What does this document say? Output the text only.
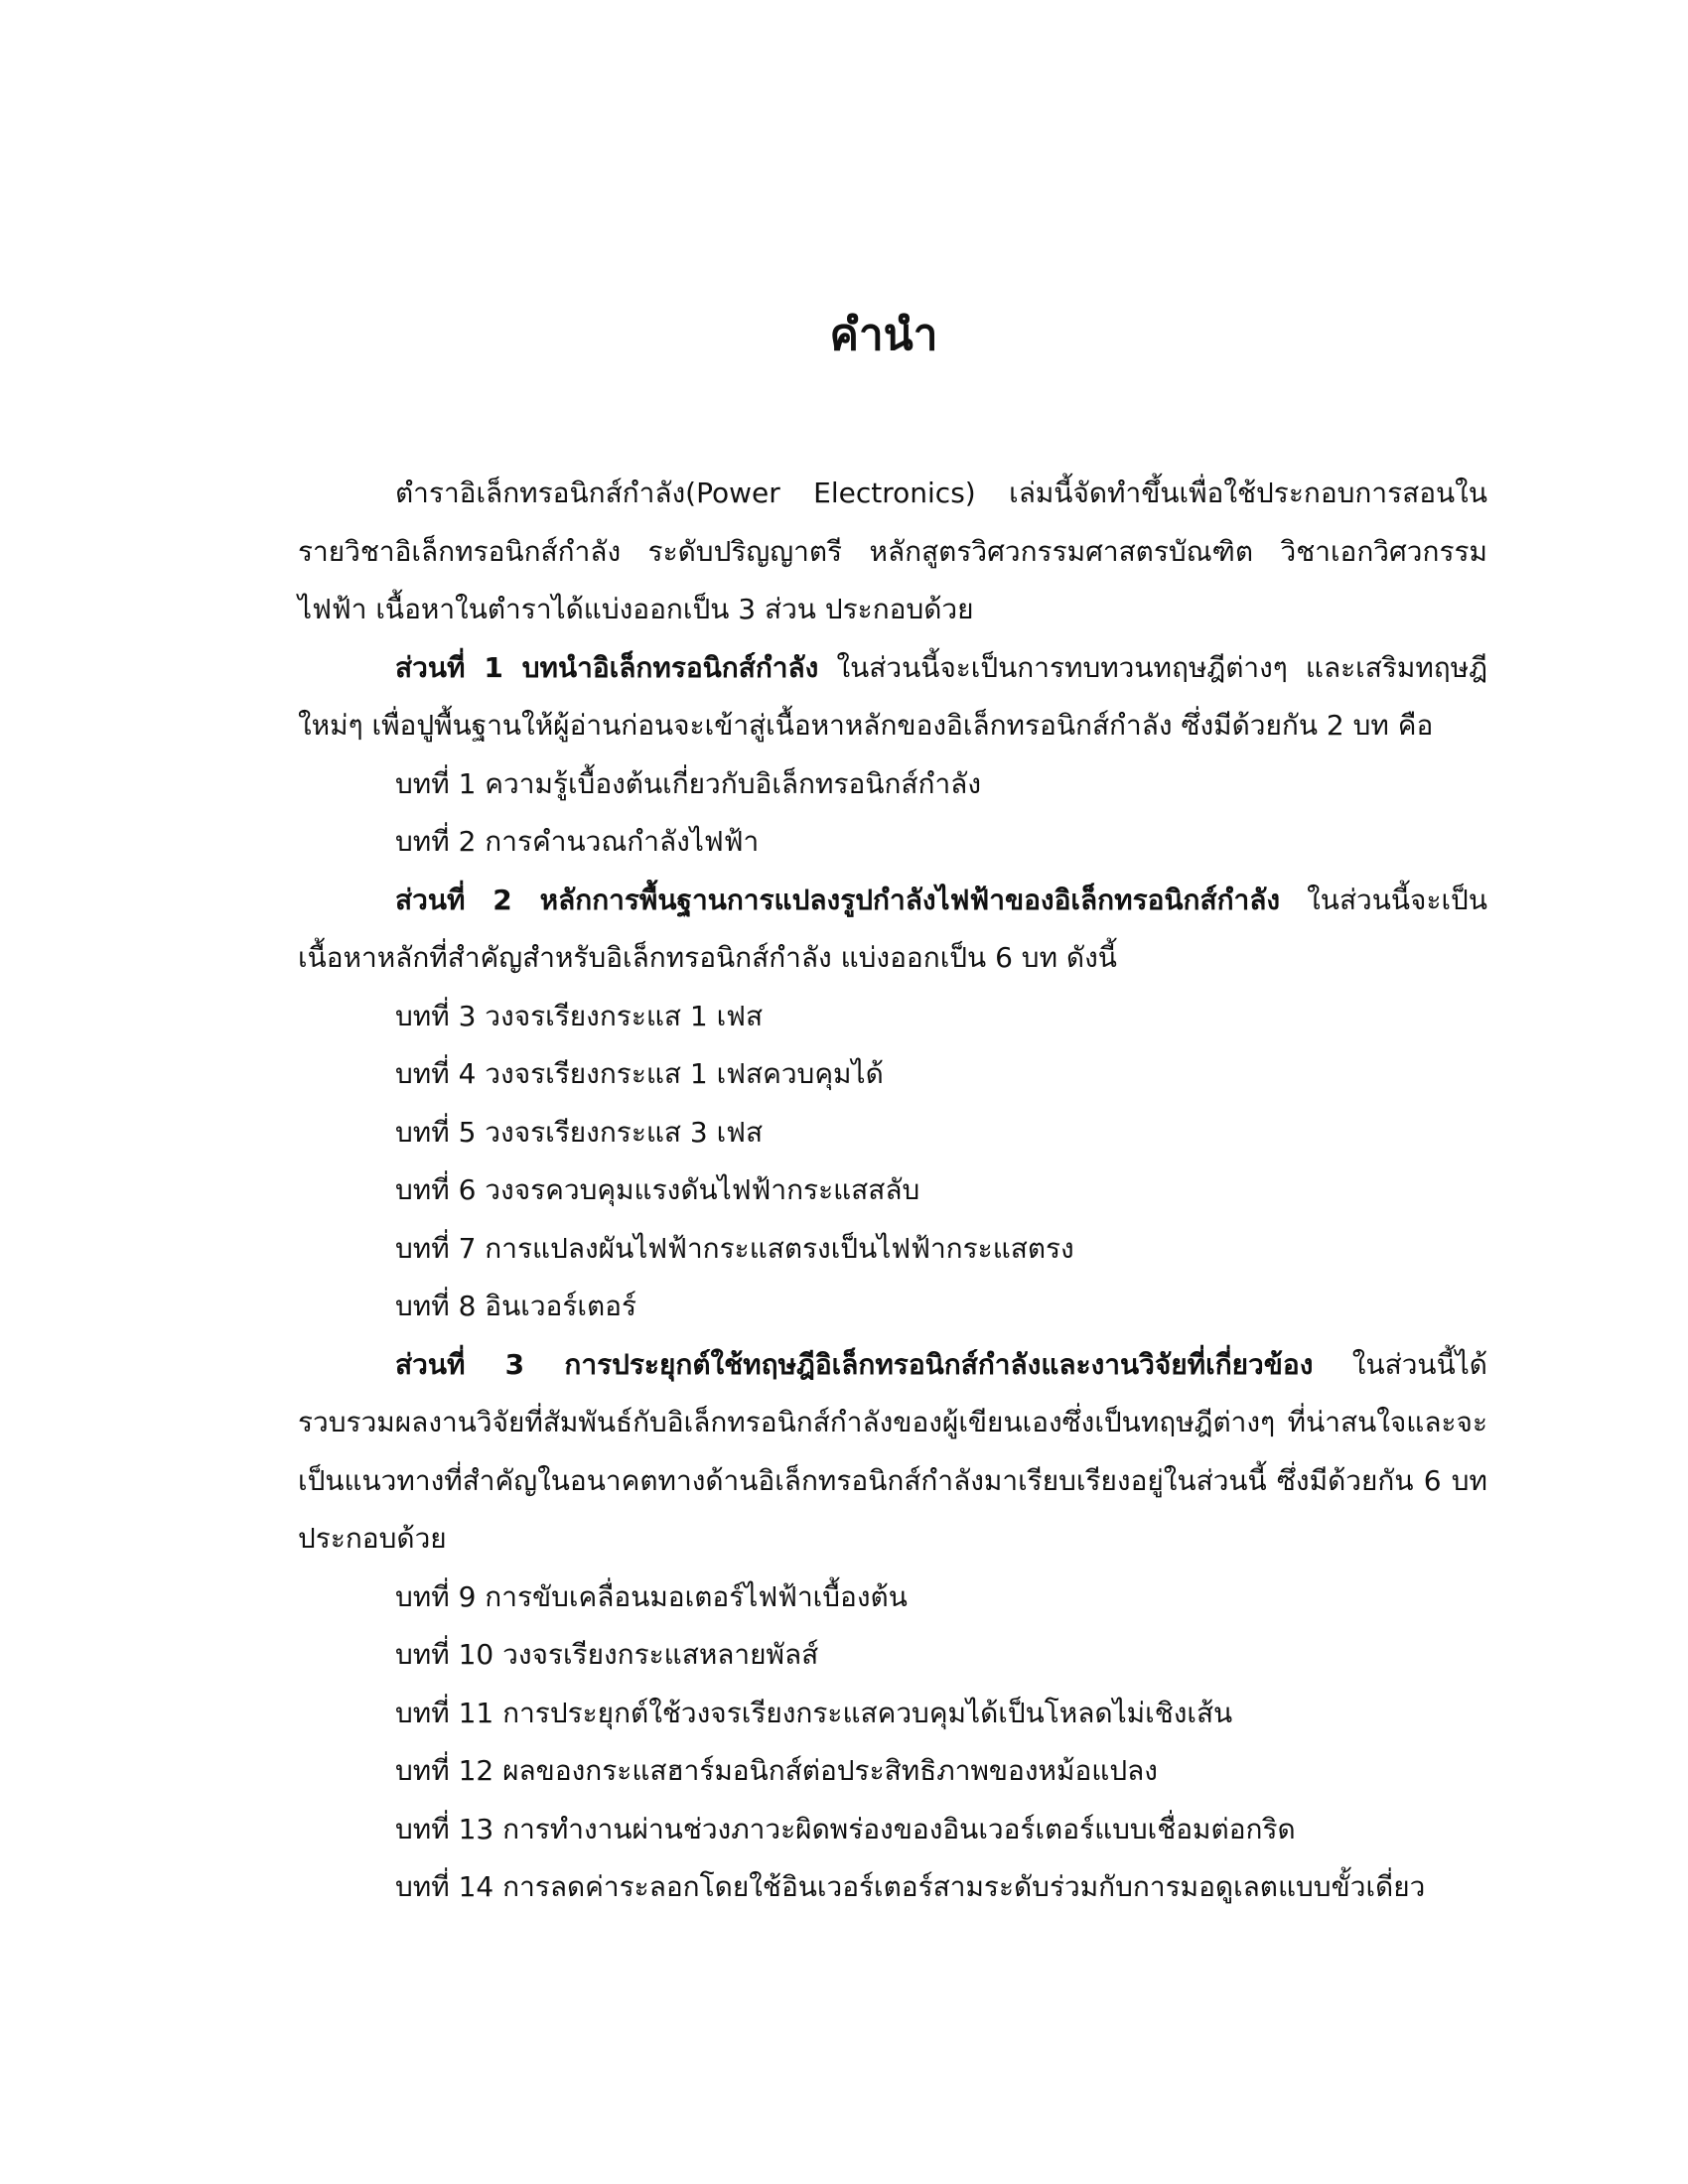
คำนำ

ตำราอิเล็กทรอนิกส์กำลัง(Power Electronics) เล่มนี้จัดทำขึ้นเพื่อใช้ประกอบการสอนในรายวิชาอิเล็กทรอนิกส์กำลัง ระดับปริญญาตรี หลักสูตรวิศวกรรมศาสตรบัณฑิต วิชาเอกวิศวกรรมไฟฟ้า เนื้อหาในตำราได้แบ่งออกเป็น 3 ส่วน ประกอบด้วย

ส่วนที่ 1 บทนำอิเล็กทรอนิกส์กำลัง ในส่วนนี้จะเป็นการทบทวนทฤษฎีต่างๆ และเสริมทฤษฎีใหม่ๆ เพื่อปูพื้นฐานให้ผู้อ่านก่อนจะเข้าสู่เนื้อหาหลักของอิเล็กทรอนิกส์กำลัง ซึ่งมีด้วยกัน 2 บท คือ

บทที่ 1 ความรู้เบื้องต้นเกี่ยวกับอิเล็กทรอนิกส์กำลัง

บทที่ 2 การคำนวณกำลังไฟฟ้า

ส่วนที่ 2 หลักการพื้นฐานการแปลงรูปกำลังไฟฟ้าของอิเล็กทรอนิกส์กำลัง ในส่วนนี้จะเป็นเนื้อหาหลักที่สำคัญสำหรับอิเล็กทรอนิกส์กำลัง แบ่งออกเป็น 6 บท ดังนี้

บทที่ 3 วงจรเรียงกระแส 1 เฟส

บทที่ 4 วงจรเรียงกระแส 1 เฟสควบคุมได้

บทที่ 5 วงจรเรียงกระแส 3 เฟส

บทที่ 6 วงจรควบคุมแรงดันไฟฟ้ากระแสสลับ

บทที่ 7 การแปลงผันไฟฟ้ากระแสตรงเป็นไฟฟ้ากระแสตรง

บทที่ 8 อินเวอร์เตอร์

ส่วนที่ 3 การประยุกต์ใช้ทฤษฎีอิเล็กทรอนิกส์กำลังและงานวิจัยที่เกี่ยวข้อง ในส่วนนี้ได้รวบรวมผลงานวิจัยที่สัมพันธ์กับอิเล็กทรอนิกส์กำลังของผู้เขียนเองซึ่งเป็นทฤษฎีต่างๆ ที่น่าสนใจและจะเป็นแนวทางที่สำคัญในอนาคตทางด้านอิเล็กทรอนิกส์กำลังมาเรียบเรียงอยู่ในส่วนนี้ ซึ่งมีด้วยกัน 6 บท ประกอบด้วย

บทที่ 9 การขับเคลื่อนมอเตอร์ไฟฟ้าเบื้องต้น

บทที่ 10 วงจรเรียงกระแสหลายพัลส์

บทที่ 11 การประยุกต์ใช้วงจรเรียงกระแสควบคุมได้เป็นโหลดไม่เชิงเส้น

บทที่ 12 ผลของกระแสฮาร์มอนิกส์ต่อประสิทธิภาพของหม้อแปลง

บทที่ 13 การทำงานผ่านช่วงภาวะผิดพร่องของอินเวอร์เตอร์แบบเชื่อมต่อกริด

บทที่ 14 การลดค่าระลอกโดยใช้อินเวอร์เตอร์สามระดับร่วมกับการมอดูเลตแบบขั้วเดี่ยว
